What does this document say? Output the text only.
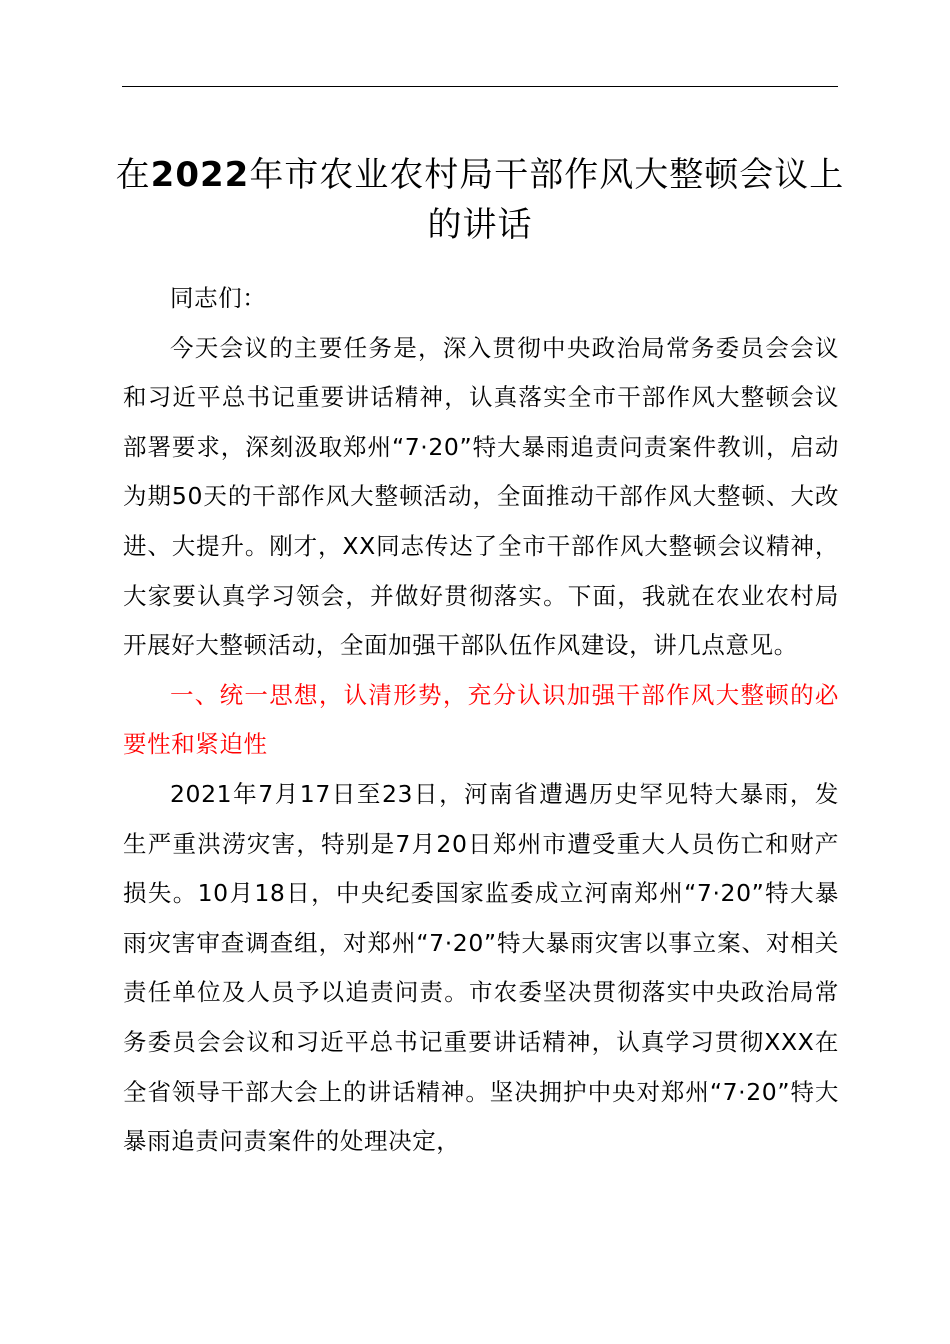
在2022年市农业农村局干部作风大整顿会议上的讲话

同志们：

今天会议的主要任务是，深入贯彻中央政治局常务委员会会议和习近平总书记重要讲话精神，认真落实全市干部作风大整顿会议部署要求，深刻汲取郑州“7·20”特大暴雨追责问责案件教训，启动为期50天的干部作风大整顿活动，全面推动干部作风大整顿、大改进、大提升。刚才，XX同志传达了全市干部作风大整顿会议精神，大家要认真学习领会，并做好贯彻落实。下面，我就在农业农村局开展好大整顿活动，全面加强干部队伍作风建设，讲几点意见。

一、统一思想，认清形势，充分认识加强干部作风大整顿的必要性和紧迫性

2021年7月17日至23日，河南省遭遇历史罕见特大暴雨，发生严重洪涝灾害，特别是7月20日郑州市遭受重大人员伤亡和财产损失。10月18日，中央纪委国家监委成立河南郑州“7·20”特大暴雨灾害审查调查组，对郑州“7·20”特大暴雨灾害以事立案、对相关责任单位及人员予以追责问责。市农委坚决贯彻落实中央政治局常务委员会会议和习近平总书记重要讲话精神，认真学习贯彻XXX在全省领导干部大会上的讲话精神。坚决拥护中央对郑州“7·20”特大暴雨追责问责案件的处理决定，
